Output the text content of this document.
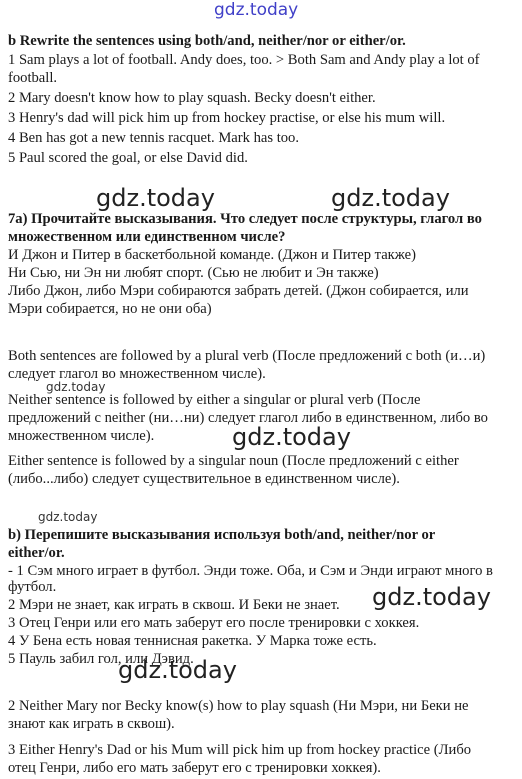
gdz.today
gdz.today	gdz.today
gdz.today
gdz.today
gdz.today
gdz.today
gdz.today
b Rewrite the sentences using both/and, neither/nor or either/or.
1 Sam plays a lot of football. Andy does, too. > Both Sam and Andy play a lot of
football.
2 Mary doesn't know how to play squash. Becky doesn't either.
3 Henry's dad will pick him up from hockey practise, or else his mum will.
4 Ben has got a new tennis racquet. Mark has too.
5 Paul scored the goal, or else David did.
7a) Прочитайте высказывания. Что следует после структуры, глагол во
множественном или единственном числе?
И Джон и Питер в баскетбольной команде. (Джон и Питер также)
Ни Сью, ни Эн ни любят спорт. (Сью не любит и Эн также)
Либо Джон, либо Мэри собираются забрать детей. (Джон собирается, или
Мэри собирается, но не они оба)
Both sentences are followed by a plural verb (После предложений с both (и…и)
следует глагол во множественном числе).
Neither sentence is followed by either a singular or plural verb (После
предложений с neither (ни…ни) следует глагол либо в единственном, либо во
множественном числе).
Either sentence is followed by a singular noun (После предложений с either
(либо...либо) следует существительное в единственном числе).
b) Перепишите высказывания используя both/and, neither/nor or
either/or.
- 1 Сэм много играет в футбол. Энди тоже. Оба, и Сэм и Энди играют много в
футбол.
2 Мэри не знает, как играть в сквош. И Беки не знает.
3 Отец Генри или его мать заберут его после тренировки с хоккея.
4 У Бена есть новая теннисная ракетка. У Марка тоже есть.
5 Пауль забил гол, или Дэвид.
2 Neither Mary nor Becky know(s) how to play squash (Ни Мэри, ни Беки не
знают как играть в сквош).
3 Either Henry's Dad or his Mum will pick him up from hockey practice (Либо
отец Генри, либо его мать заберут его с тренировки хоккея).
